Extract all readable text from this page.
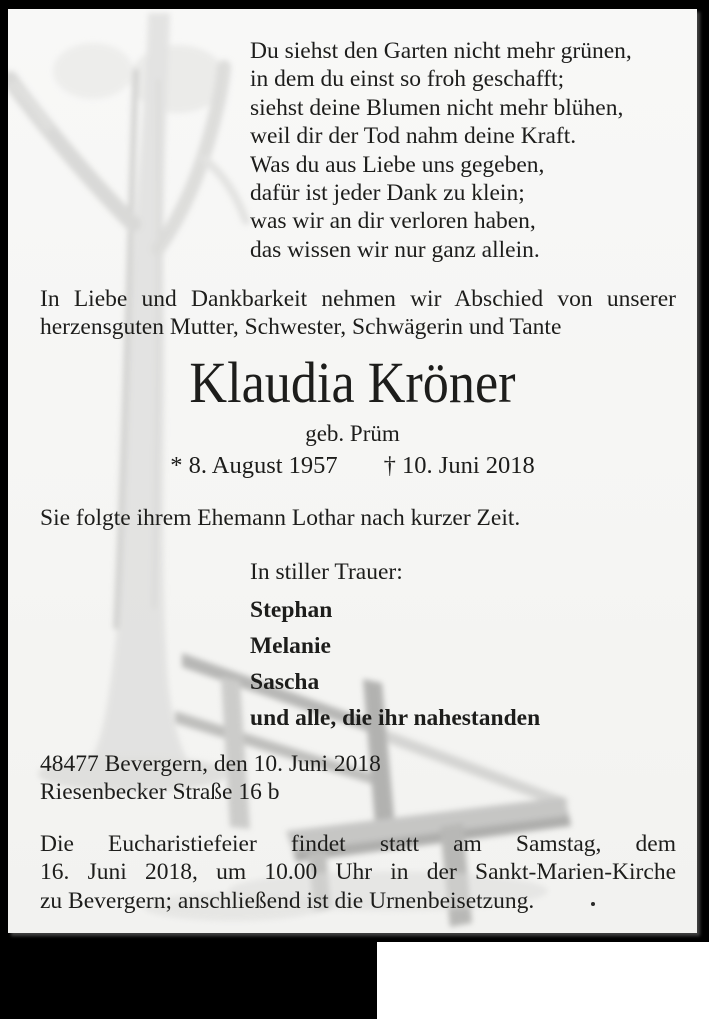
Du siehst den Garten nicht mehr grünen,
in dem du einst so froh geschafft;
siehst deine Blumen nicht mehr blühen,
weil dir der Tod nahm deine Kraft.
Was du aus Liebe uns gegeben,
dafür ist jeder Dank zu klein;
was wir an dir verloren haben,
das wissen wir nur ganz allein.
In Liebe und Dankbarkeit nehmen wir Abschied von unserer
herzensguten Mutter, Schwester, Schwägerin und Tante
Klaudia Kröner
geb. Prüm
* 8. August 1957 † 10. Juni 2018
Sie folgte ihrem Ehemann Lothar nach kurzer Zeit.
In stiller Trauer:
Stephan
Melanie
Sascha
und alle, die ihr nahestanden
48477 Bevergern, den 10. Juni 2018
Riesenbecker Straße 16 b
Die Eucharistiefeier findet statt am Samstag, dem
16. Juni 2018, um 10.00 Uhr in der Sankt-Marien-Kirche
zu Bevergern; anschließend ist die Urnenbeisetzung.
